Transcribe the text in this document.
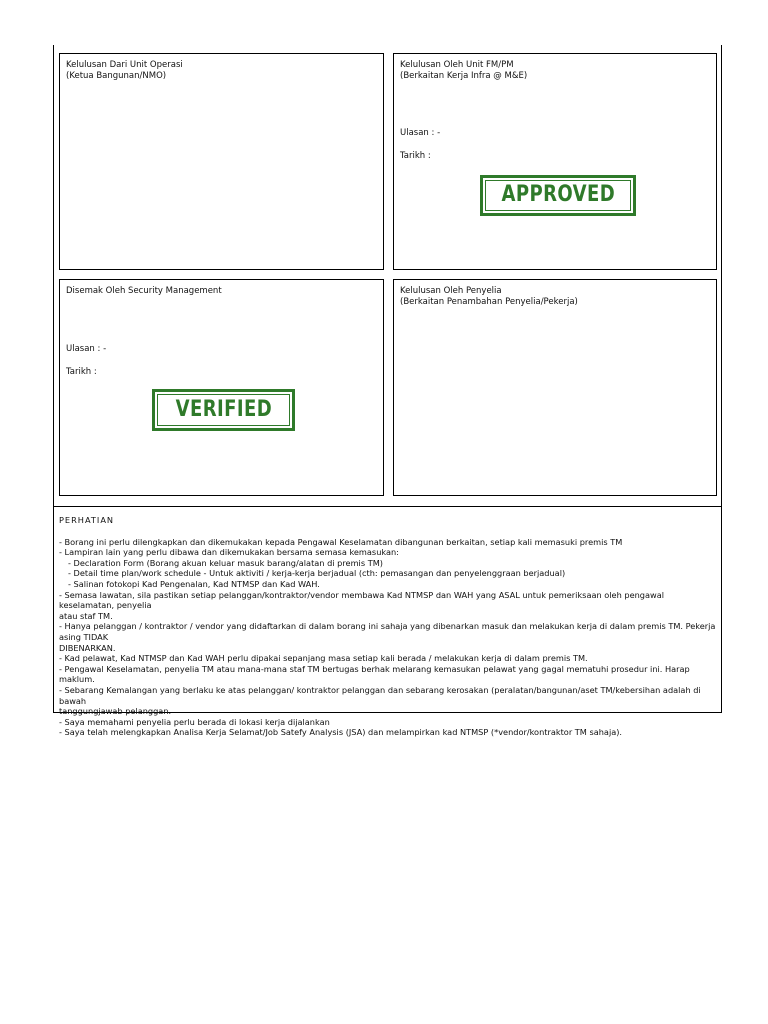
Kelulusan Dari Unit Operasi
(Ketua Bangunan/NMO)
Kelulusan Oleh Unit FM/PM
(Berkaitan Kerja Infra @ M&E)
Ulasan : -
Tarikh :
APPROVED
Disemak Oleh Security Management
Ulasan : -
Tarikh :
VERIFIED
Kelulusan Oleh Penyelia
(Berkaitan Penambahan Penyelia/Pekerja)
PERHATIAN
- Borang ini perlu dilengkapkan dan dikemukakan kepada Pengawal Keselamatan dibangunan berkaitan, setiap kali memasuki premis TM
- Lampiran lain yang perlu dibawa dan dikemukakan bersama semasa kemasukan:
- Declaration Form (Borang akuan keluar masuk barang/alatan di premis TM)
- Detail time plan/work schedule - Untuk aktiviti / kerja-kerja berjadual (cth: pemasangan dan penyelenggraan berjadual)
- Salinan fotokopi Kad Pengenalan, Kad NTMSP dan Kad WAH.
- Semasa lawatan, sila pastikan setiap pelanggan/kontraktor/vendor membawa Kad NTMSP dan WAH yang ASAL untuk pemeriksaan oleh pengawal keselamatan, penyelia
atau staf TM.
- Hanya pelanggan / kontraktor / vendor yang didaftarkan di dalam borang ini sahaja yang dibenarkan masuk dan melakukan kerja di dalam premis TM. Pekerja asing TIDAK
DIBENARKAN.
- Kad pelawat, Kad NTMSP dan Kad WAH perlu dipakai sepanjang masa setiap kali berada / melakukan kerja di dalam premis TM.
- Pengawal Keselamatan, penyelia TM atau mana-mana staf TM bertugas berhak melarang kemasukan pelawat yang gagal mematuhi prosedur ini. Harap maklum.
- Sebarang Kemalangan yang berlaku ke atas pelanggan/ kontraktor pelanggan dan sebarang kerosakan (peralatan/bangunan/aset TM/kebersihan adalah di bawah
tanggungjawab pelanggan.
- Saya memahami penyelia perlu berada di lokasi kerja dijalankan
- Saya telah melengkapkan Analisa Kerja Selamat/Job Satefy Analysis (JSA) dan melampirkan kad NTMSP (*vendor/kontraktor TM sahaja).
